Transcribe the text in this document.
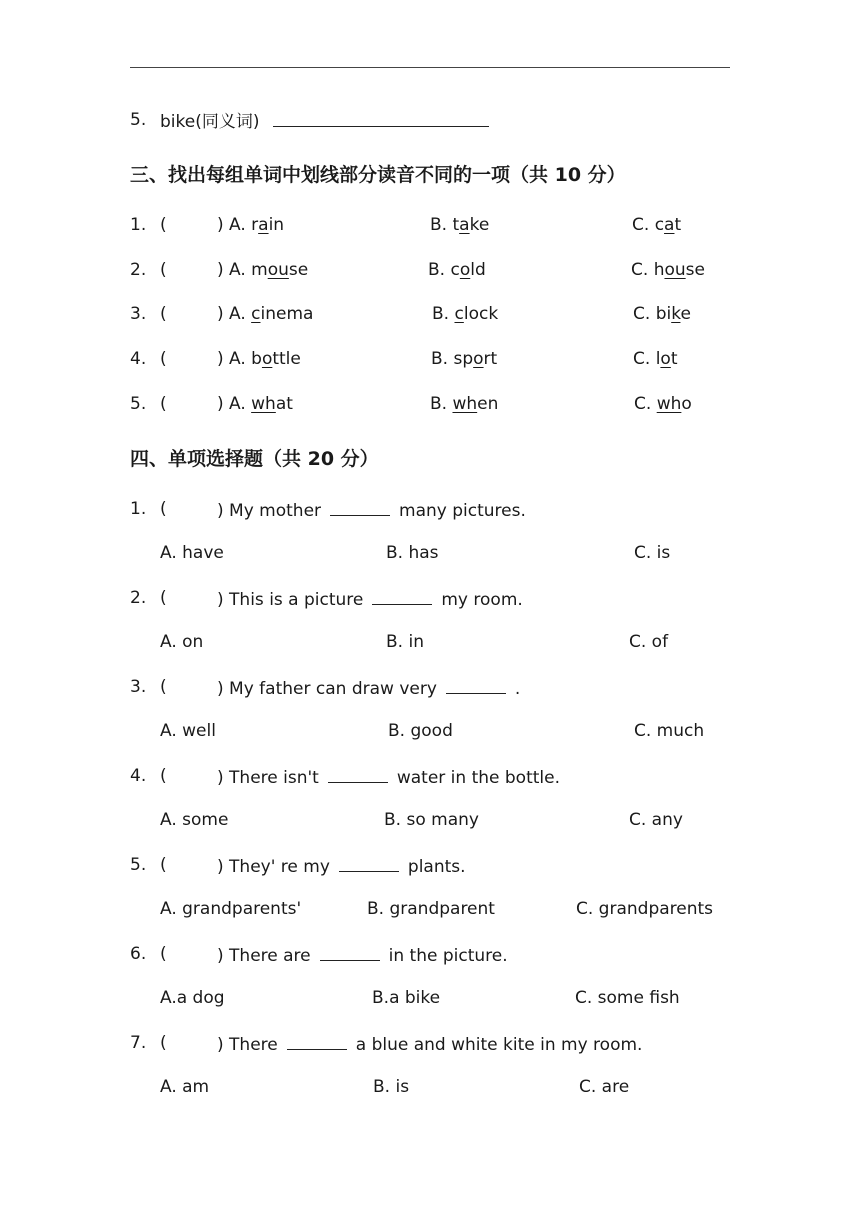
5. bike(同义词)
三、找出每组单词中划线部分读音不同的一项（共 10 分）
1. (	) A. rain	B. take	C. cat
2. (	) A. mouse	B. cold	C. house
3. (	) A. cinema	B. clock	C. bike
4. (	) A. bottle	B. sport	C. lot
5. (	) A. what	B. when	C. who
四、单项选择题（共 20 分）
1. (	) My mother	many pictures.
A. have	B. has	C. is
2. (	) This is a picture	my room.
A. on	B. in	C. of
3. (	) My father can draw very	.
A. well	B. good	C. much
4. (	) There isn't	water in the bottle.
A. some	B. so many	C. any
5. (	) They' re my	plants.
A. grandparents'	B. grandparent	C. grandparents
6. (	) There are	in the picture.
A.a dog	B.a bike	C. some fish
7. (	) There	a blue and white kite in my room.
A. am	B. is	C. are
